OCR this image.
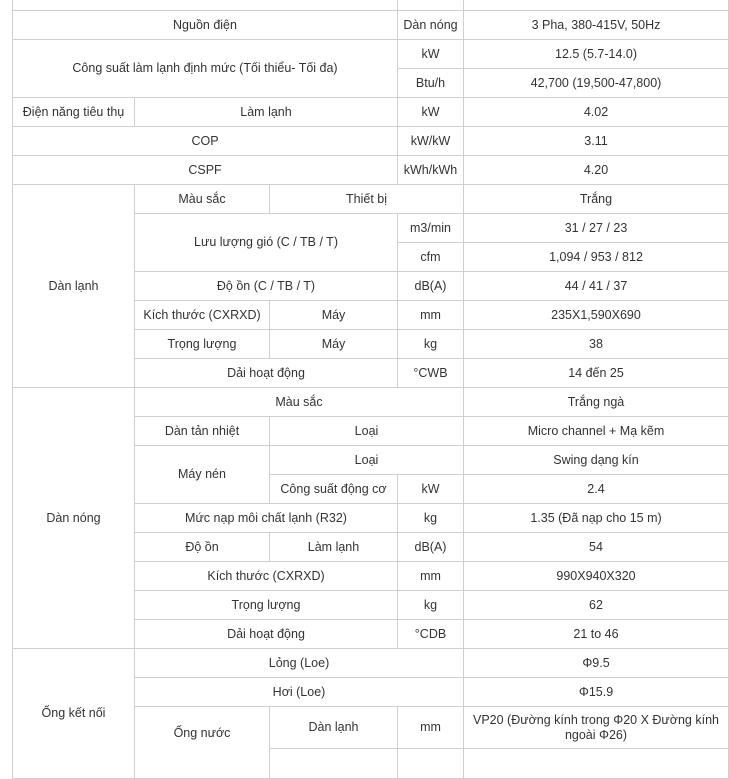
Nguồn điện			Dàn nóng	3 Pha, 380-415V, 50Hz
Công suất làm lạnh định mức (Tối thiểu- Tối đa)			kW	12.5 (5.7-14.0)
			Btu/h	42,700 (19,500-47,800)
Điện năng tiêu thụ	Làm lạnh		kW	4.02
COP			kW/kW	3.11
CSPF			kWh/kWh	4.20
Dàn lạnh	Màu sắc	Thiết bị		Trắng
	Lưu lượng gió (C / TB / T)		m3/min	31 / 27 / 23
			cfm	1,094 / 953 / 812
	Độ ồn (C / TB / T)		dB(A)	44 / 41 / 37
	Kích thước (CXRXD)	Máy	mm	235X1,590X690
	Trọng lượng	Máy	kg	38
	Dải hoạt động		°CWB	14 đến 25
Dàn nóng	Màu sắc			Trắng ngà
	Dàn tản nhiệt	Loại		Micro channel + Mạ kẽm
	Máy nén	Loại		Swing dạng kín
		Công suất động cơ	kW	2.4
	Mức nạp môi chất lạnh (R32)		kg	1.35 (Đã nạp cho 15 m)
	Độ ồn	Làm lạnh	dB(A)	54
	Kích thước (CXRXD)		mm	990X940X320
	Trọng lượng		kg	62
	Dải hoạt động		°CDB	21 to 46
Ống kết nối	Lỏng (Loe)			Φ9.5
	Hơi (Loe)			Φ15.9
	Ống nước	Dàn lạnh	mm	VP20 (Đường kính trong Φ20 X Đường kính ngoài Φ26)
